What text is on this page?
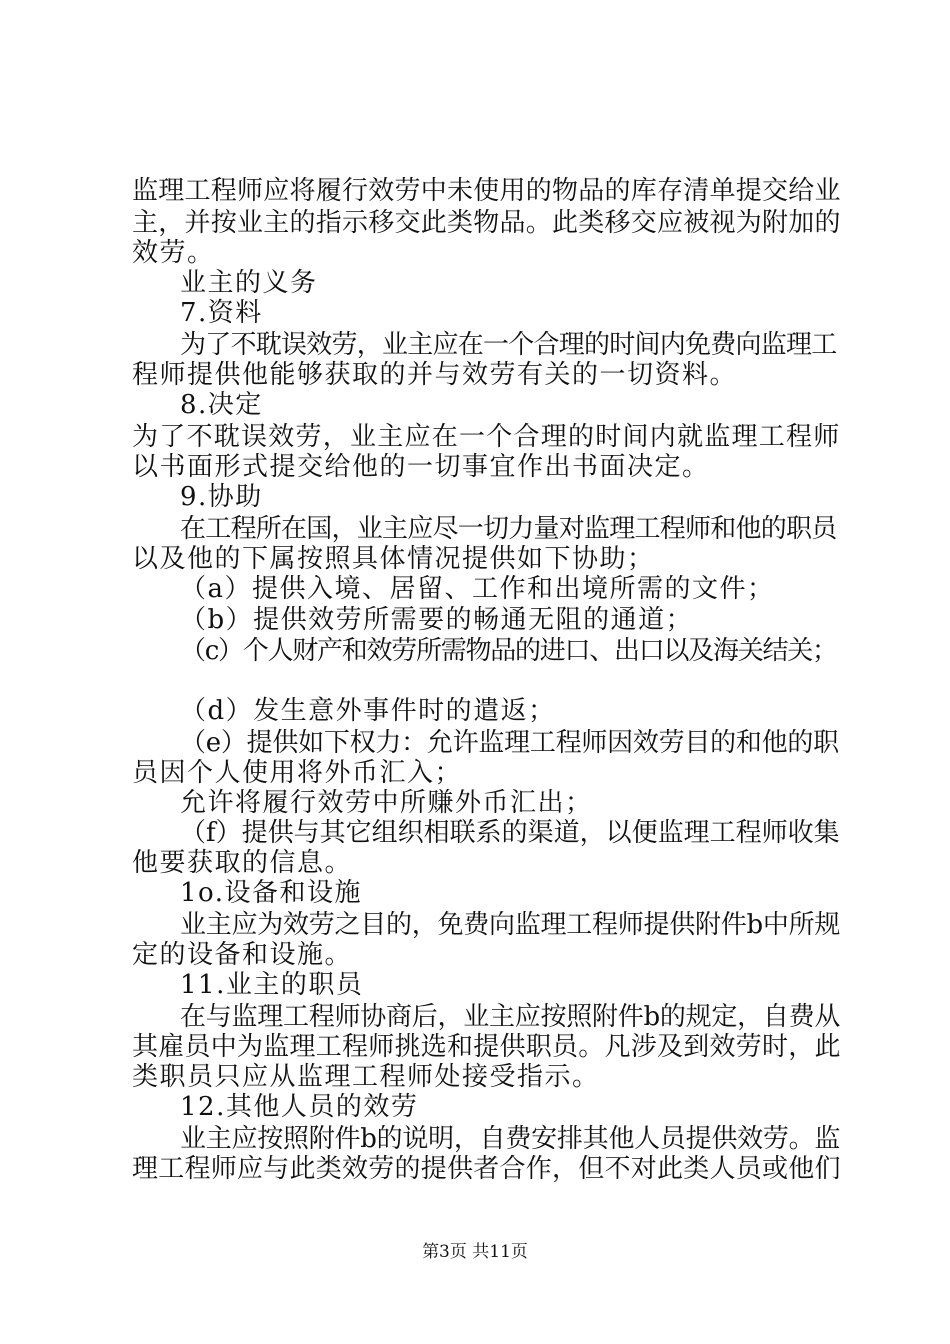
监理工程师应将履行效劳中未使用的物品的库存清单提交给业
主，并按业主的指示移交此类物品。此类移交应被视为附加的
效劳。
业主的义务
7.资料
为了不耽误效劳，业主应在一个合理的时间内免费向监理工
程师提供他能够获取的并与效劳有关的一切资料。
8.决定
为了不耽误效劳，业主应在一个合理的时间内就监理工程师
以书面形式提交给他的一切事宜作出书面决定。
9.协助
在工程所在国，业主应尽一切力量对监理工程师和他的职员
以及他的下属按照具体情况提供如下协助；
（a）提供入境、居留、工作和出境所需的文件；
（b）提供效劳所需要的畅通无阻的通道；
（c）个人财产和效劳所需物品的进口、出口以及海关结关；
（d）发生意外事件时的遣返；
（e）提供如下权力：允许监理工程师因效劳目的和他的职
员因个人使用将外币汇入；
允许将履行效劳中所赚外币汇出；
（f）提供与其它组织相联系的渠道，以便监理工程师收集
他要获取的信息。
1o.设备和设施
业主应为效劳之目的，免费向监理工程师提供附件b中所规
定的设备和设施。
11.业主的职员
在与监理工程师协商后，业主应按照附件b的规定，自费从
其雇员中为监理工程师挑选和提供职员。凡涉及到效劳时，此
类职员只应从监理工程师处接受指示。
12.其他人员的效劳
业主应按照附件b的说明，自费安排其他人员提供效劳。监
理工程师应与此类效劳的提供者合作，但不对此类人员或他们
第3页 共11页
